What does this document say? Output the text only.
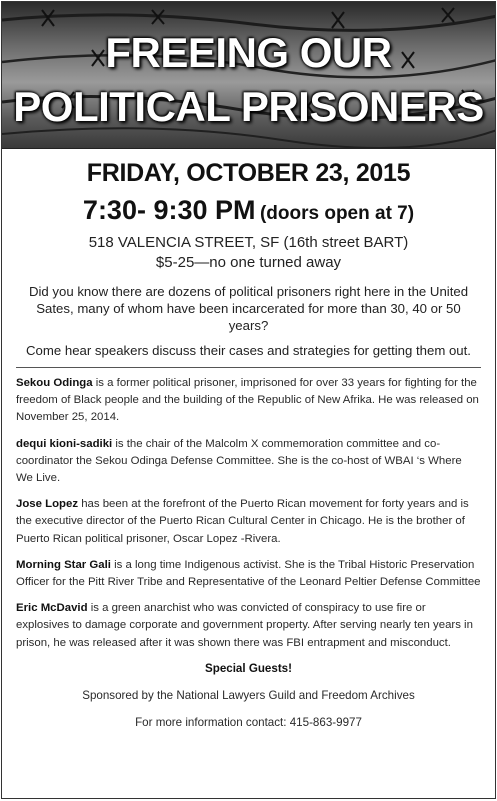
FREEING OUR
POLITICAL PRISONERS
FRIDAY, OCTOBER 23, 2015
7:30- 9:30 PM (doors open at 7)
518 VALENCIA STREET, SF (16th street BART)
$5-25—no one turned away
Did you know there are dozens of political prisoners right here in the United Sates, many of whom have been incarcerated for more than 30, 40 or 50 years?
Come hear speakers discuss their cases and strategies for getting them out.

Sekou Odinga is a former political prisoner, imprisoned for over 33 years for fighting for the freedom of Black people and the building of the Republic of New Afrika. He was released on November 25, 2014.

dequi kioni-sadiki is the chair of the Malcolm X commemoration committee and co-coordinator the Sekou Odinga Defense Committee. She is the co-host of WBAI ‘s Where We Live.

Jose Lopez has been at the forefront of the Puerto Rican movement for forty years and is the executive director of the Puerto Rican Cultural Center in Chicago. He is the brother of Puerto Rican political prisoner, Oscar Lopez -Rivera.

Morning Star Gali is a long time Indigenous activist. She is the Tribal Historic Preservation Officer for the Pitt River Tribe and Representative of the Leonard Peltier Defense Committee

Eric McDavid is a green anarchist who was convicted of conspiracy to use fire or explosives to damage corporate and government property. After serving nearly ten years in prison, he was released after it was shown there was FBI entrapment and misconduct.

Special Guests!
Sponsored by the National Lawyers Guild and Freedom Archives
For more information contact: 415-863-9977
